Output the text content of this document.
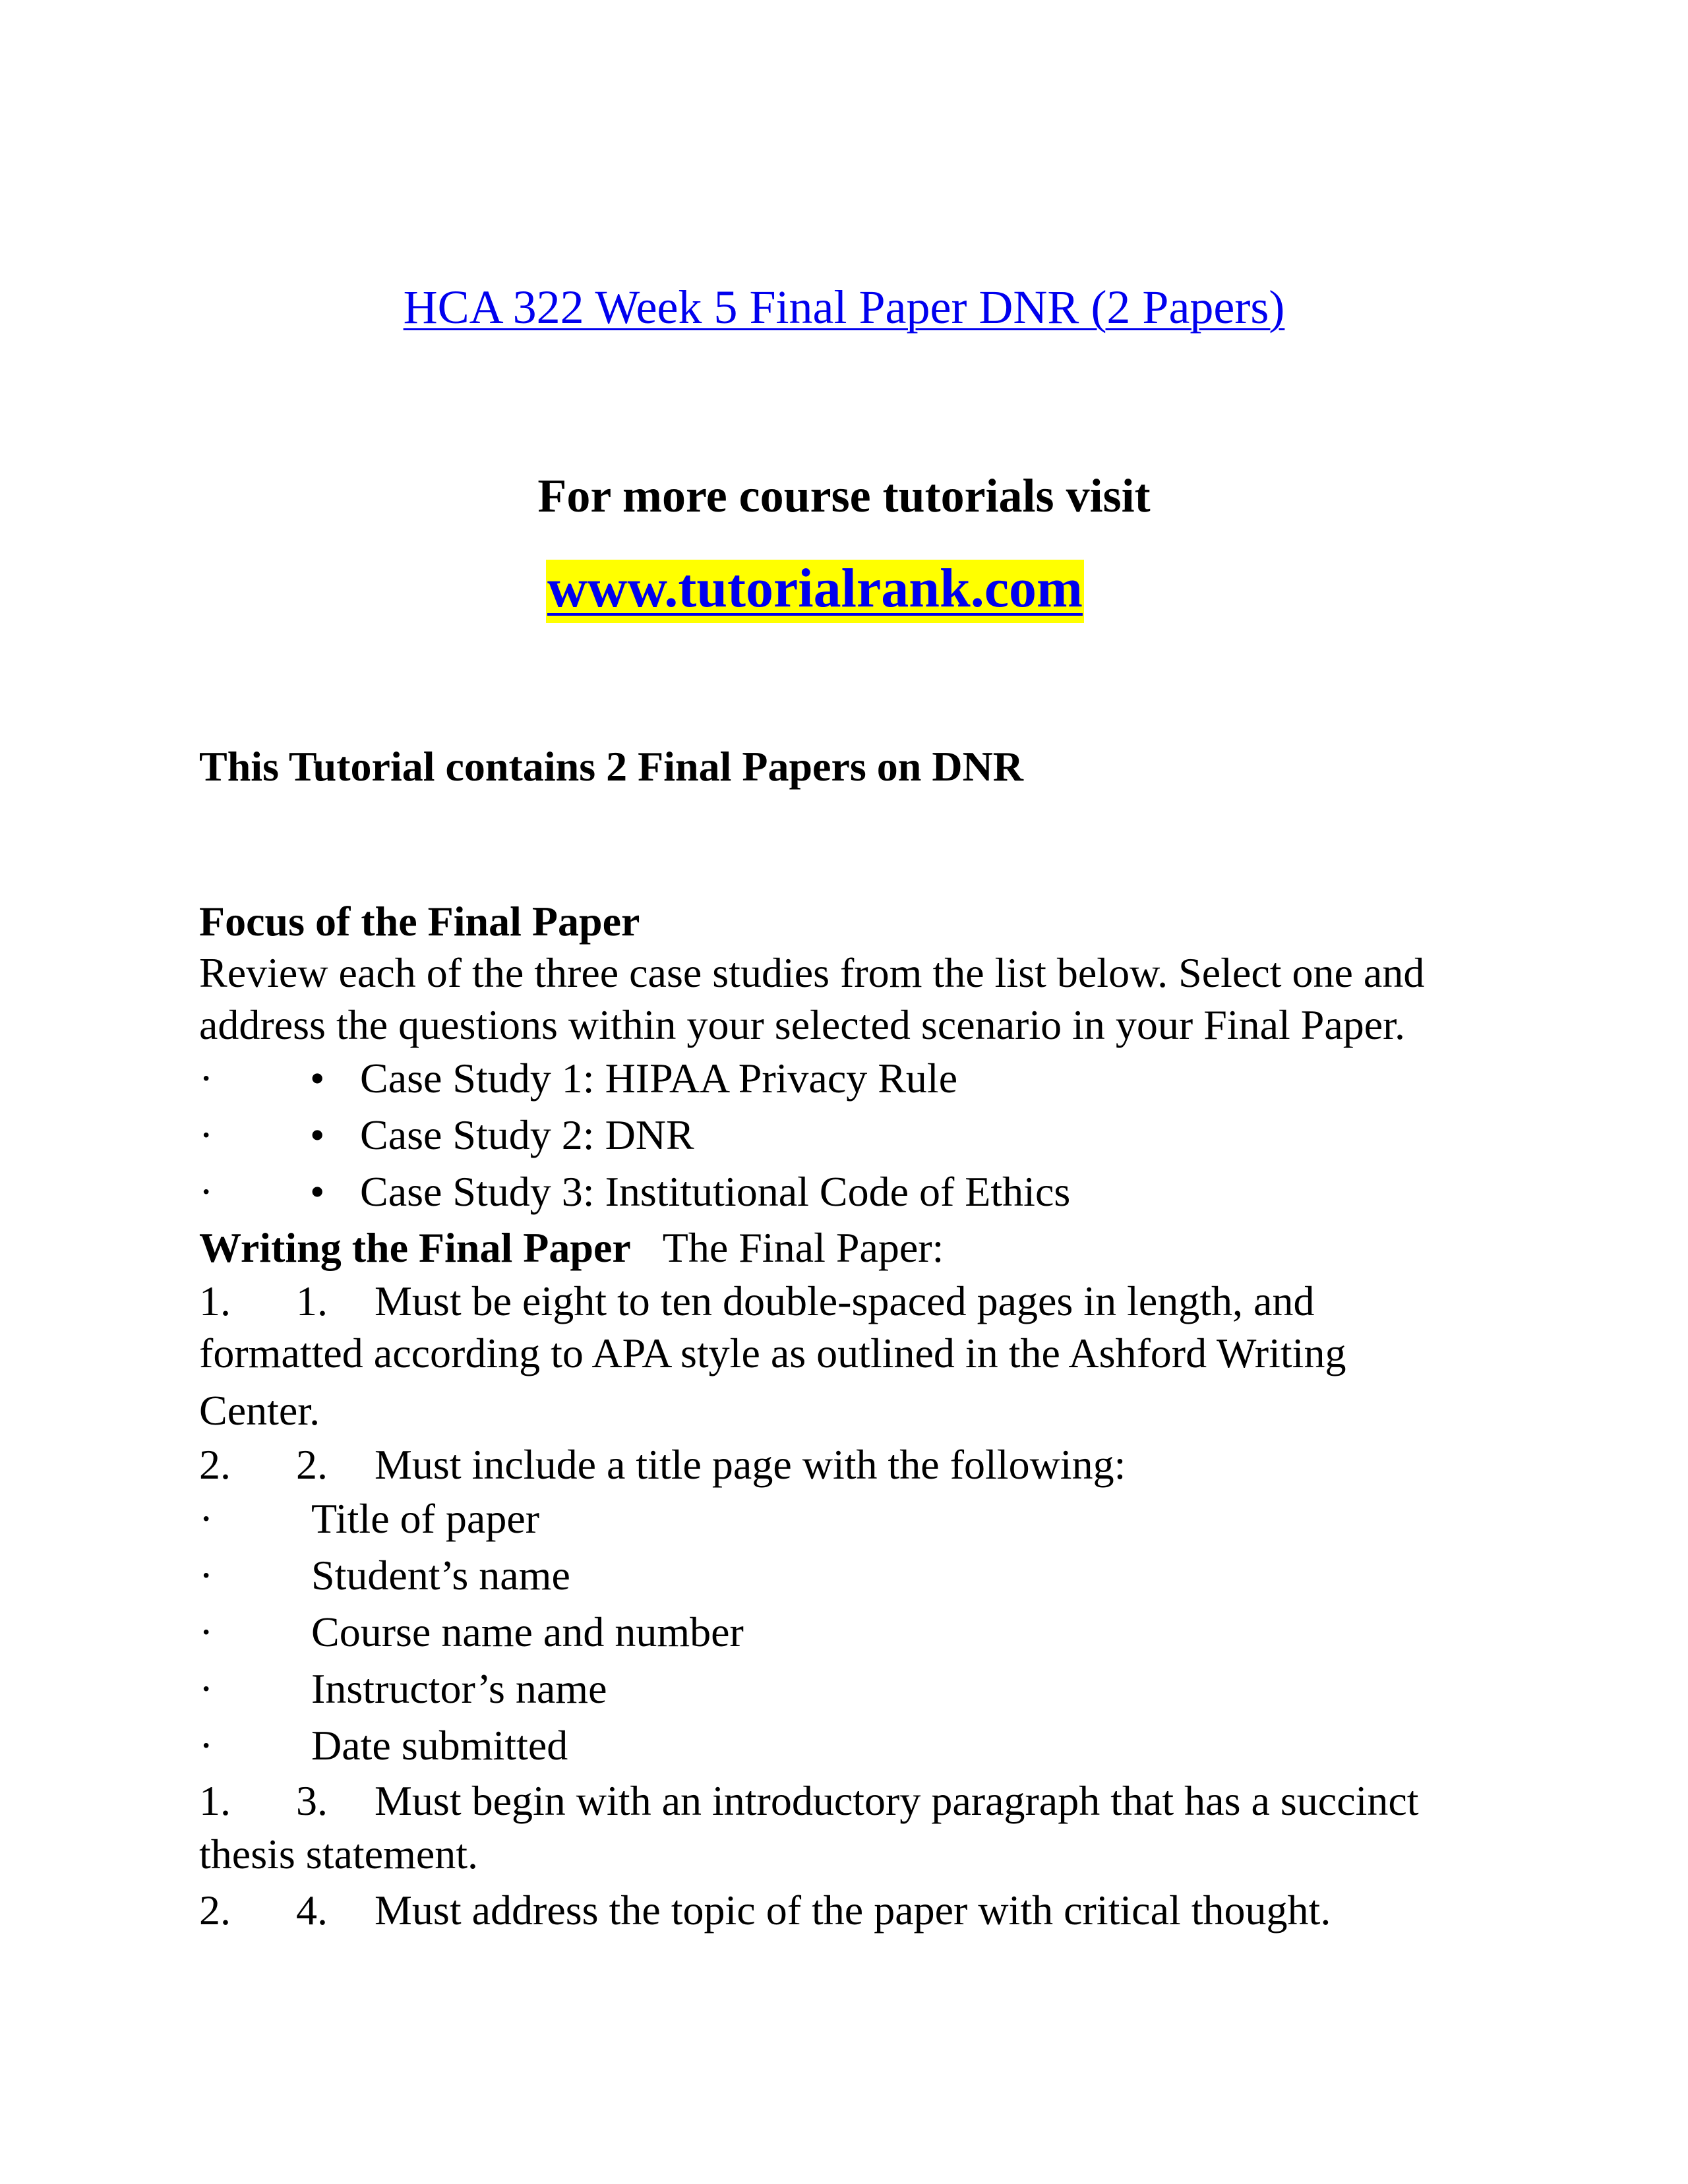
HCA 322 Week 5 Final Paper DNR (2 Papers)
For more course tutorials visit
www.tutorialrank.com
This Tutorial contains 2 Final Papers on DNR
Focus of the Final Paper
Review each of the three case studies from the list below. Select one and
address the questions within your selected scenario in your Final Paper.
· • Case Study 1: HIPAA Privacy Rule
· • Case Study 2: DNR
· • Case Study 3: Institutional Code of Ethics
Writing the Final Paper The Final Paper:
1. 1. Must be eight to ten double-spaced pages in length, and
formatted according to APA style as outlined in the Ashford Writing
Center.
2. 2. Must include a title page with the following:
· Title of paper
· Student’s name
· Course name and number
· Instructor’s name
· Date submitted
1. 3. Must begin with an introductory paragraph that has a succinct
thesis statement.
2. 4. Must address the topic of the paper with critical thought.
